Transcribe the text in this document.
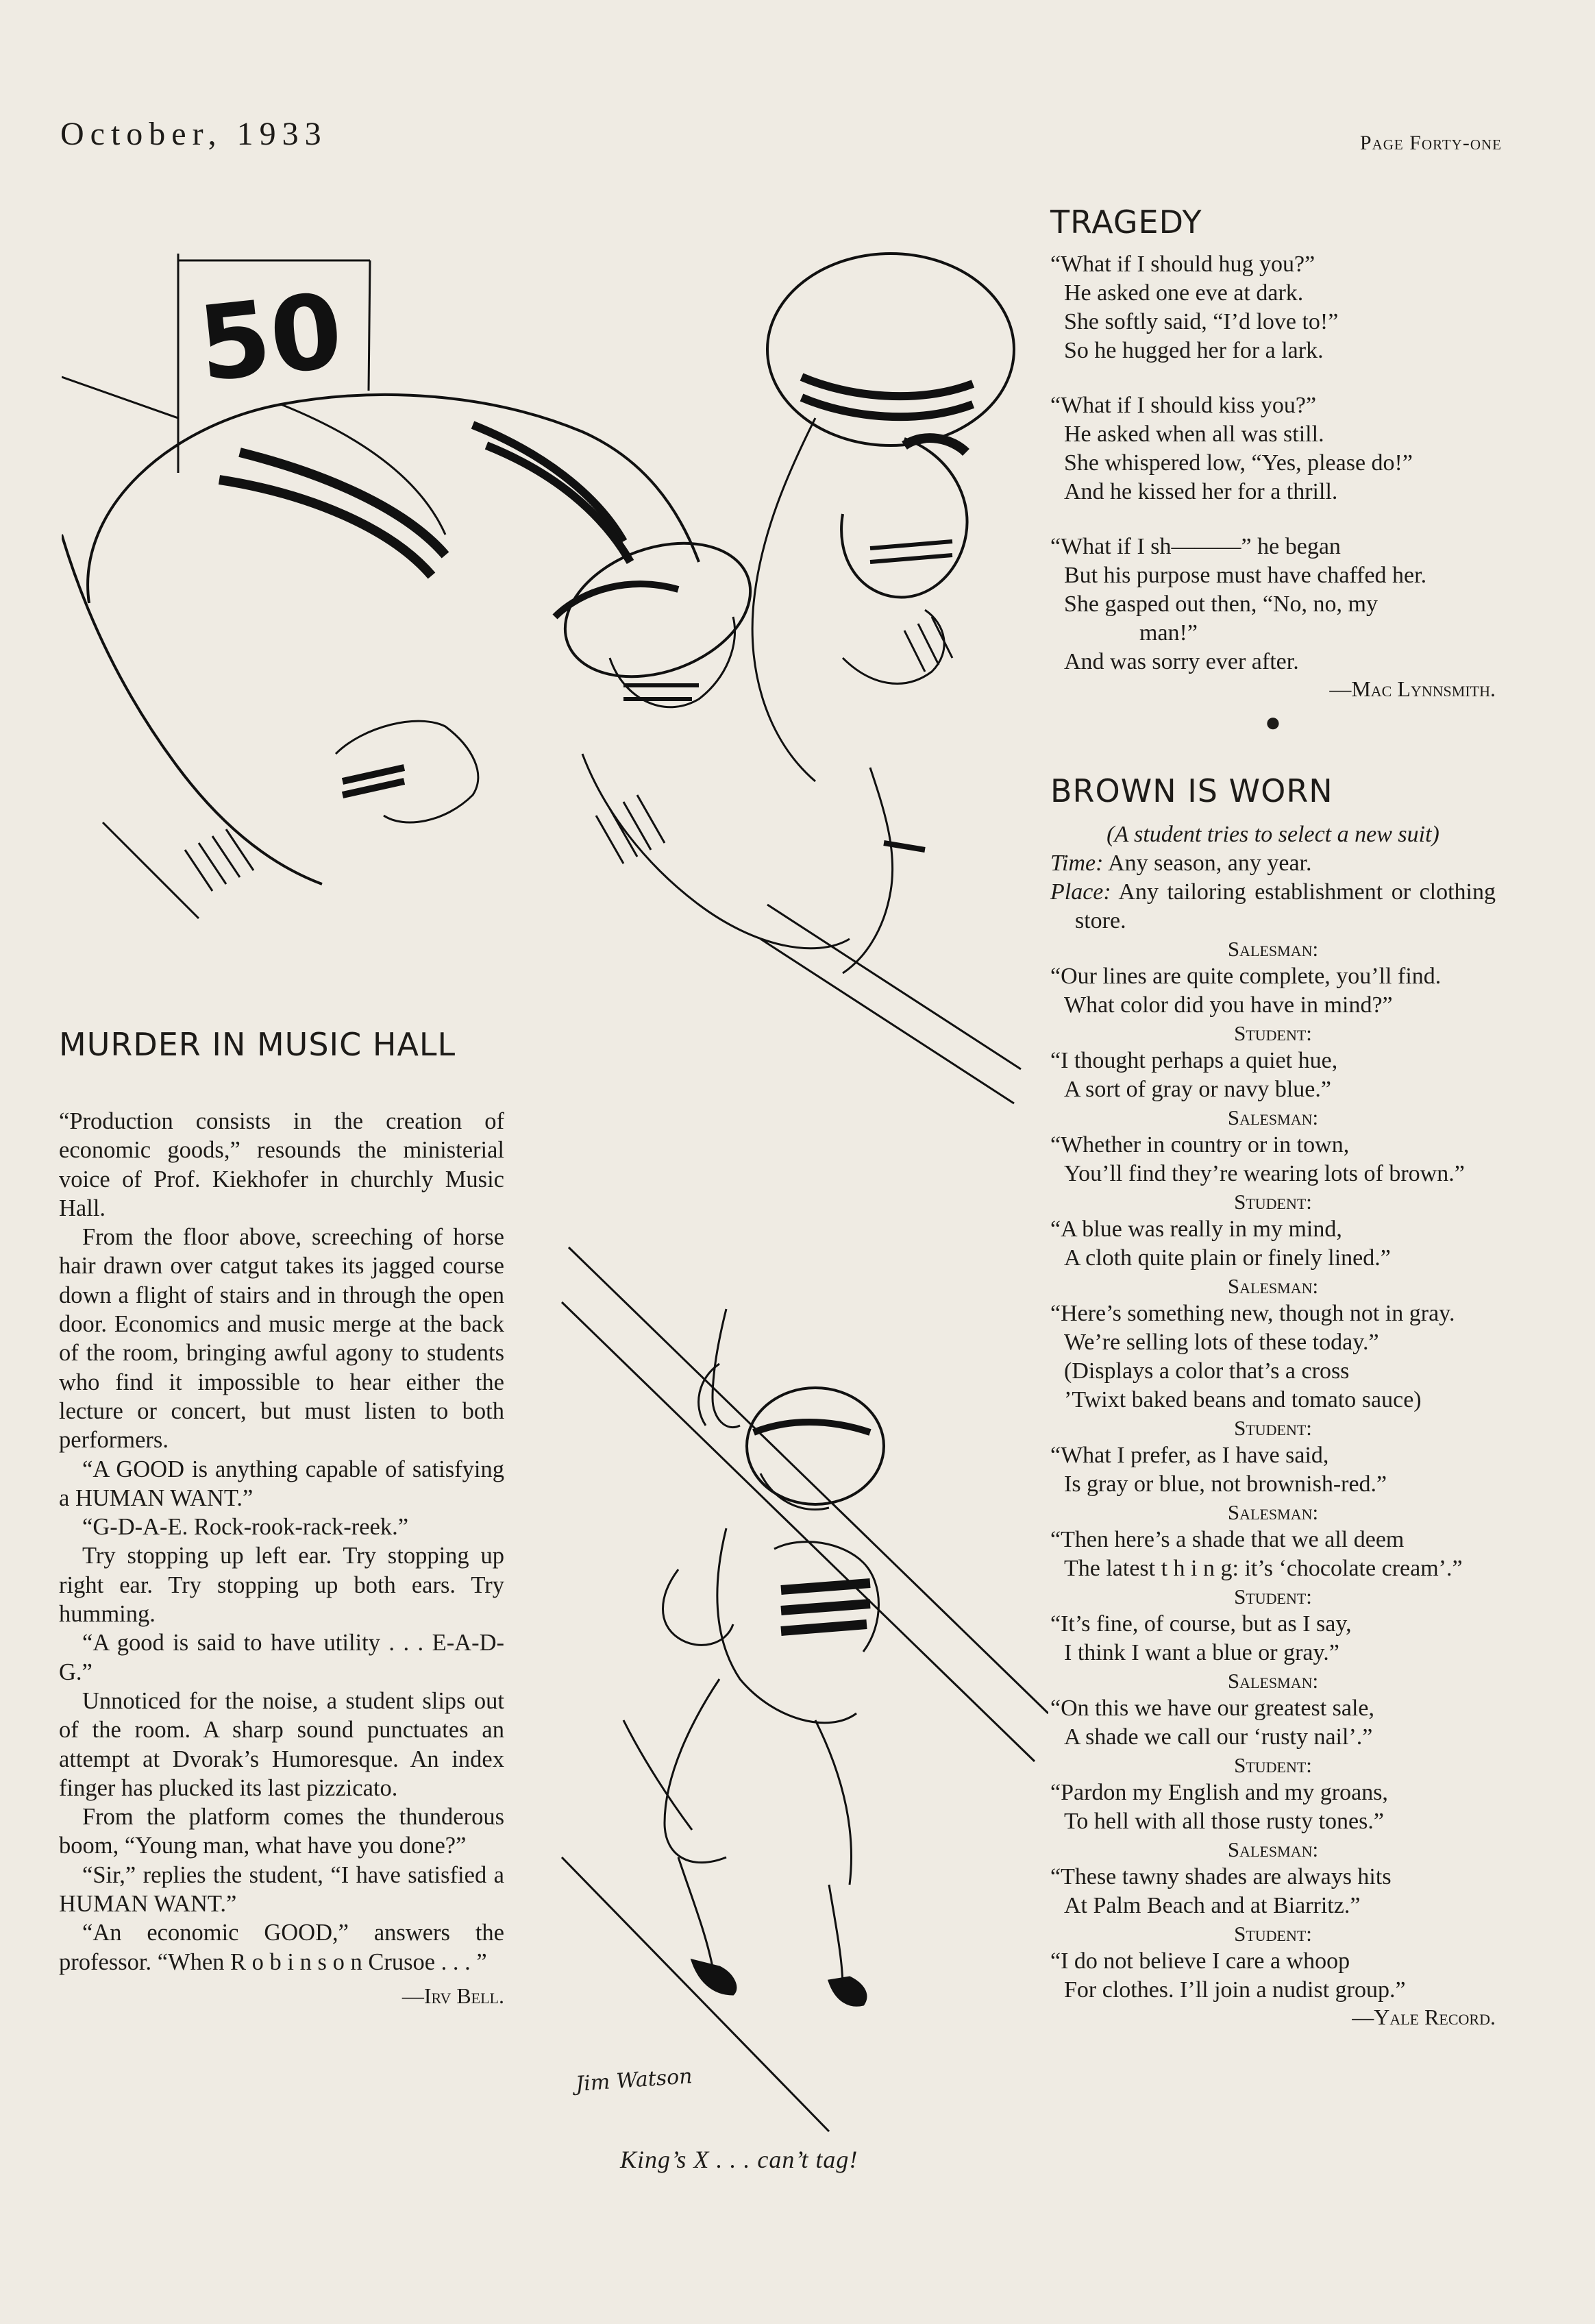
October, 1933	Page Forty-one
50
Jim Watson
King’s X . . . can’t tag!
MURDER IN MUSIC HALL

“Production consists in the creation of economic goods,” resounds the ministerial voice of Prof. Kiekhofer in churchly Music Hall.

From the floor above, screeching of horse hair drawn over catgut takes its jagged course down a flight of stairs and in through the open door. Economics and music merge at the back of the room, bringing awful agony to students who find it impossible to hear either the lecture or concert, but must listen to both performers.

“A GOOD is anything capable of satisfying a HUMAN WANT.”

“G-D-A-E. Rock-rook-rack-reek.”

Try stopping up left ear. Try stopping up right ear. Try stopping up both ears. Try humming.

“A good is said to have utility . . . E-A-D-G.”

Unnoticed for the noise, a student slips out of the room. A sharp sound punctuates an attempt at Dvorak’s Humoresque. An index finger has plucked its last pizzicato.

From the platform comes the thunderous boom, “Young man, what have you done?”

“Sir,” replies the student, “I have satisfied a HUMAN WANT.”

“An economic GOOD,” answers the professor. “When R o b i n s o n Crusoe . . . ”

—Irv Bell.
TRAGEDY
“What if I should hug you?”
He asked one eve at dark.
She softly said, “I’d love to!”
So he hugged her for a lark.
“What if I should kiss you?”
He asked when all was still.
She whispered low, “Yes, please do!”
And he kissed her for a thrill.
“What if I sh———” he began
But his purpose must have chaffed her.
She gasped out then, “No, no, my
man!”
And was sorry ever after.
—Mac Lynnsmith.
●
BROWN IS WORN
(A student tries to select a new suit)
Time: Any season, any year.
Place: Any tailoring establishment or clothing store.
Salesman:
“Our lines are quite complete, you’ll find.
What color did you have in mind?”
Student:
“I thought perhaps a quiet hue,
A sort of gray or navy blue.”
Salesman:
“Whether in country or in town,
You’ll find they’re wearing lots of brown.”
Student:
“A blue was really in my mind,
A cloth quite plain or finely lined.”
Salesman:
“Here’s something new, though not in gray.
We’re selling lots of these today.”
(Displays a color that’s a cross
’Twixt baked beans and tomato sauce)
Student:
“What I prefer, as I have said,
Is gray or blue, not brownish-red.”
Salesman:
“Then here’s a shade that we all deem
The latest t h i n g: it’s ‘chocolate cream’.”
Student:
“It’s fine, of course, but as I say,
I think I want a blue or gray.”
Salesman:
“On this we have our greatest sale,
A shade we call our ‘rusty nail’.”
Student:
“Pardon my English and my groans,
To hell with all those rusty tones.”
Salesman:
“These tawny shades are always hits
At Palm Beach and at Biarritz.”
Student:
“I do not believe I care a whoop
For clothes. I’ll join a nudist group.”
—Yale Record.
